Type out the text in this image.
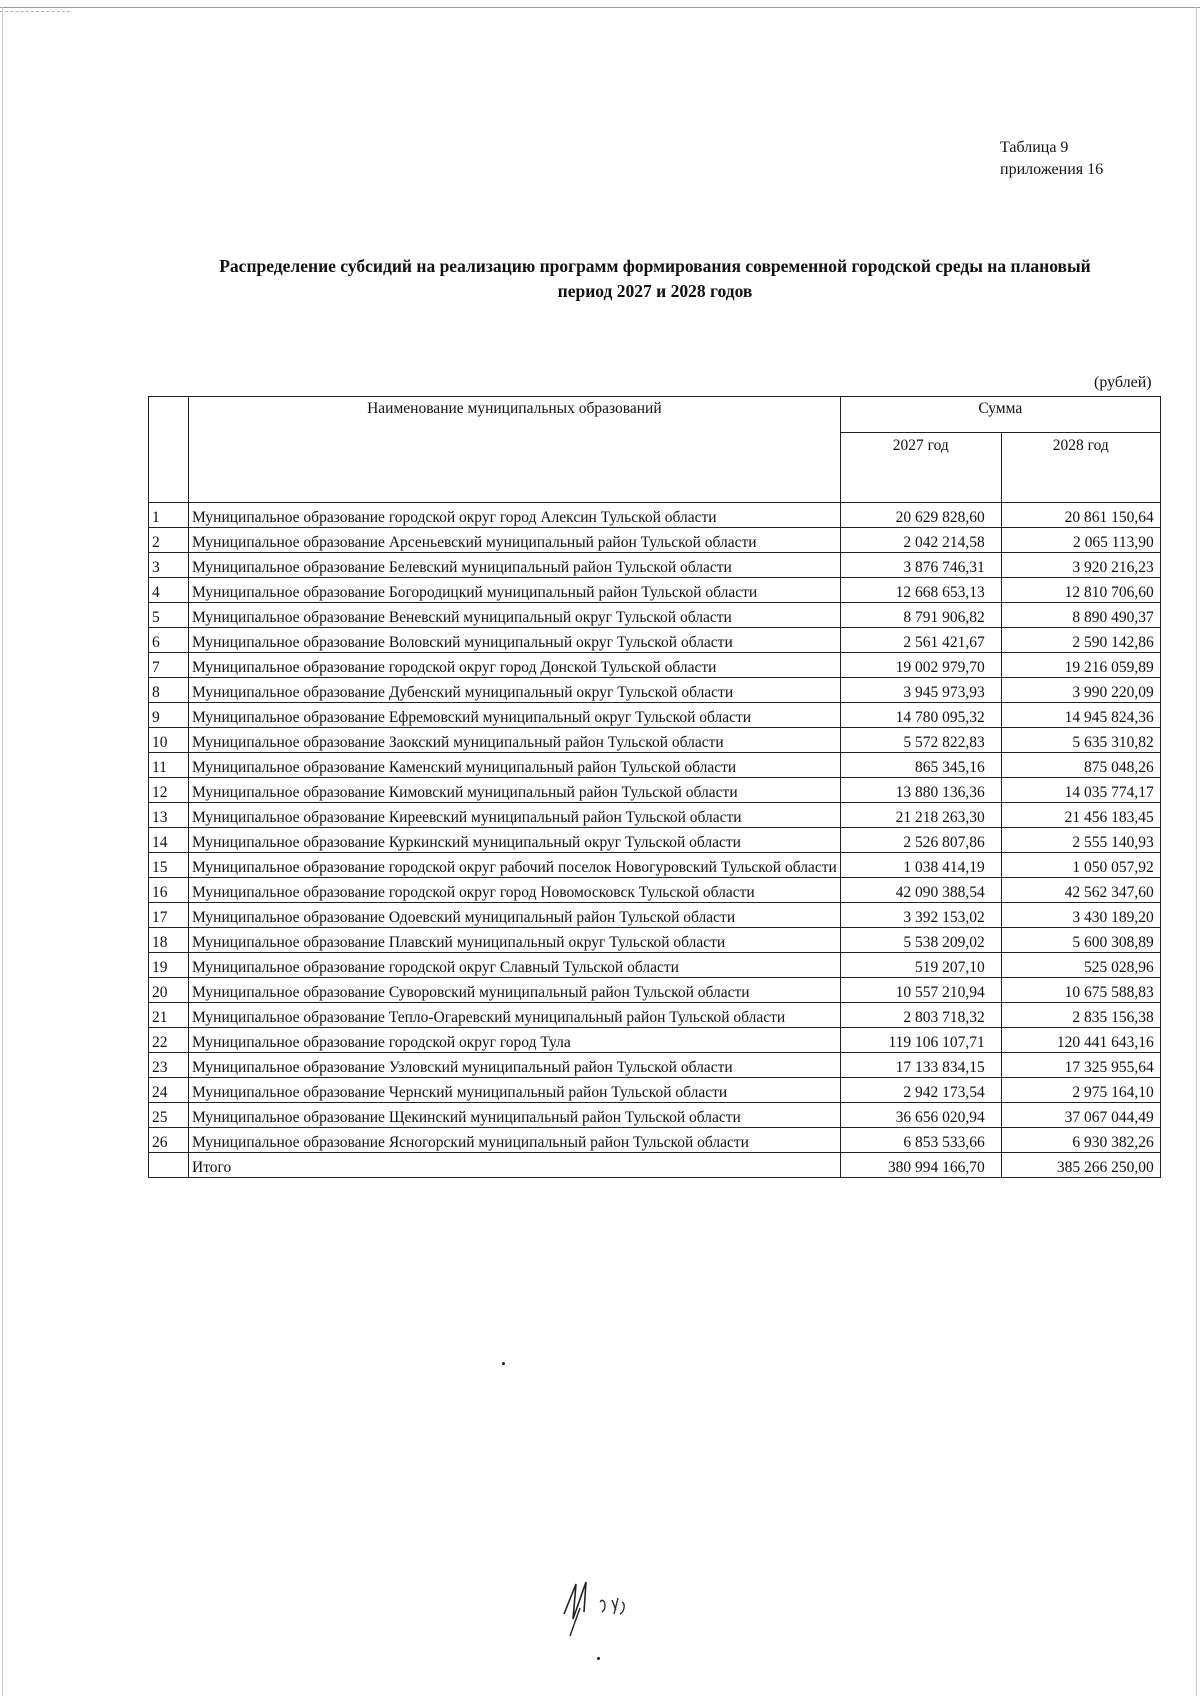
Таблица 9
приложения 16
Распределение субсидий на реализацию программ формирования современной городской среды на плановый
период 2027 и 2028 годов
(рублей)
	Наименование муниципальных образований	Сумма	
		2027 год	2028 год
1	Муниципальное образование городской округ город Алексин Тульской области	20 629 828,60	20 861 150,64
2	Муниципальное образование Арсеньевский муниципальный район Тульской области	2 042 214,58	2 065 113,90
3	Муниципальное образование Белевский муниципальный район Тульской области	3 876 746,31	3 920 216,23
4	Муниципальное образование Богородицкий муниципальный район Тульской области	12 668 653,13	12 810 706,60
5	Муниципальное образование Веневский муниципальный округ Тульской области	8 791 906,82	8 890 490,37
6	Муниципальное образование Воловский муниципальный округ Тульской области	2 561 421,67	2 590 142,86
7	Муниципальное образование городской округ город Донской Тульской области	19 002 979,70	19 216 059,89
8	Муниципальное образование Дубенский муниципальный округ Тульской области	3 945 973,93	3 990 220,09
9	Муниципальное образование Ефремовский муниципальный округ Тульской области	14 780 095,32	14 945 824,36
10	Муниципальное образование Заокский муниципальный район Тульской области	5 572 822,83	5 635 310,82
11	Муниципальное образование Каменский муниципальный район Тульской области	865 345,16	875 048,26
12	Муниципальное образование Кимовский муниципальный район Тульской области	13 880 136,36	14 035 774,17
13	Муниципальное образование Киреевский муниципальный район Тульской области	21 218 263,30	21 456 183,45
14	Муниципальное образование Куркинский муниципальный округ Тульской области	2 526 807,86	2 555 140,93
15	Муниципальное образование городской округ рабочий поселок Новогуровский Тульской области	1 038 414,19	1 050 057,92
16	Муниципальное образование городской округ город Новомосковск Тульской области	42 090 388,54	42 562 347,60
17	Муниципальное образование Одоевский муниципальный район Тульской области	3 392 153,02	3 430 189,20
18	Муниципальное образование Плавский муниципальный округ Тульской области	5 538 209,02	5 600 308,89
19	Муниципальное образование городской округ Славный Тульской области	519 207,10	525 028,96
20	Муниципальное образование Суворовский муниципальный район Тульской области	10 557 210,94	10 675 588,83
21	Муниципальное образование Тепло-Огаревский муниципальный район Тульской области	2 803 718,32	2 835 156,38
22	Муниципальное образование городской округ город Тула	119 106 107,71	120 441 643,16
23	Муниципальное образование Узловский муниципальный район Тульской области	17 133 834,15	17 325 955,64
24	Муниципальное образование Чернский муниципальный район Тульской области	2 942 173,54	2 975 164,10
25	Муниципальное образование Щекинский муниципальный район Тульской области	36 656 020,94	37 067 044,49
26	Муниципальное образование Ясногорский муниципальный район Тульской области	6 853 533,66	6 930 382,26
	Итого	380 994 166,70	385 266 250,00
